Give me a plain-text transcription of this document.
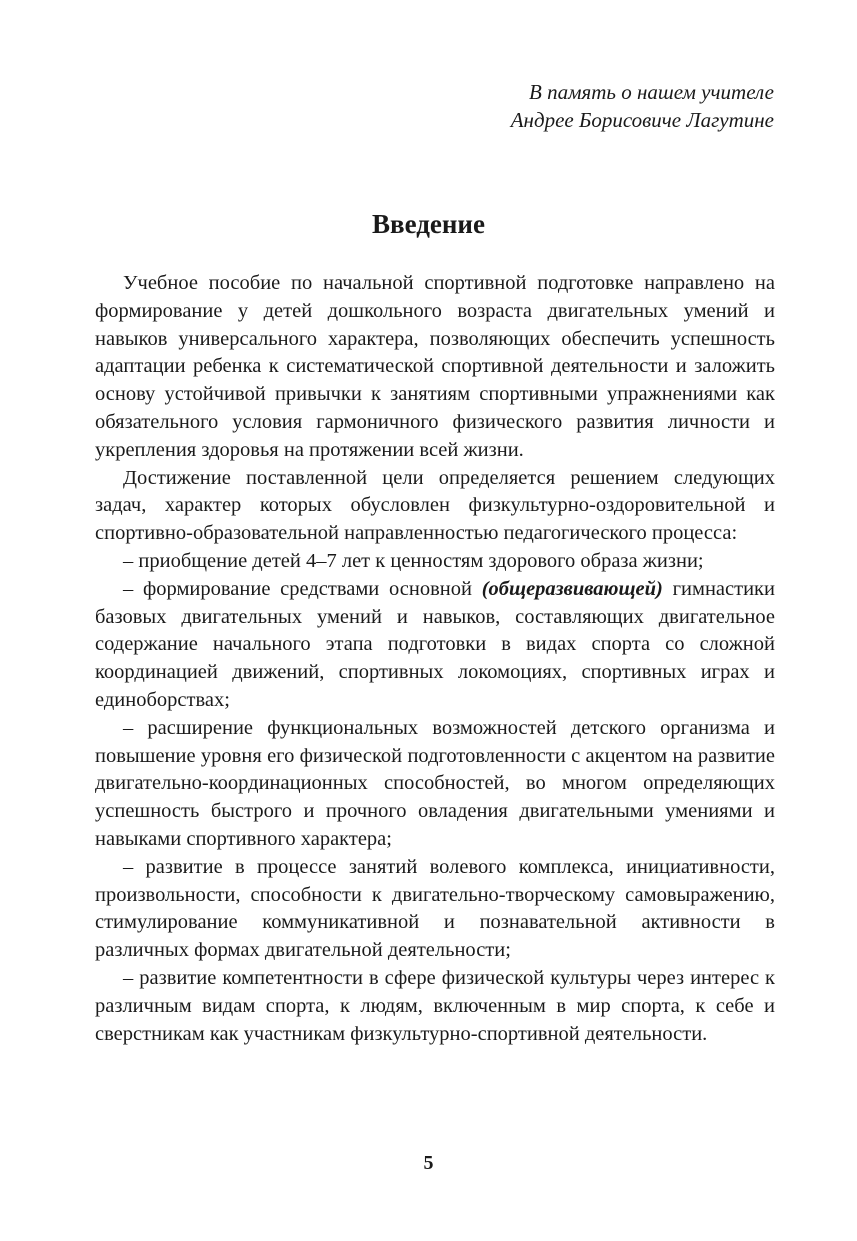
В память о нашем учителе
Андрее Борисовиче Лагутине
Введение

Учебное пособие по начальной спортивной подготовке направлено на формирование у детей дошкольного возраста двигательных умений и навыков универсального характера, позволяющих обеспечить успешность адаптации ребенка к систематической спортивной деятельности и заложить основу устойчивой привычки к занятиям спортивными упражнениями как обязательного условия гармоничного физического развития личности и укрепления здоровья на протяжении всей жизни.

Достижение поставленной цели определяется решением следующих задач, характер которых обусловлен физкультурно-оздоровительной и спортивно-образовательной направленностью педагогического процесса:

– приобщение детей 4–7 лет к ценностям здорового образа жизни;

– формирование средствами основной (общеразвивающей) гимнастики базовых двигательных умений и навыков, составляющих двигательное содержание начального этапа подготовки в видах спорта со сложной координацией движений, спортивных локомоциях, спортивных играх и единоборствах;

– расширение функциональных возможностей детского организма и повышение уровня его физической подготовленности с акцентом на развитие двигательно-координационных способностей, во многом определяющих успешность быстрого и прочного овладения двигательными умениями и навыками спортивного характера;

– развитие в процессе занятий волевого комплекса, инициативности, произвольности, способности к двигательно-творческому самовыражению, стимулирование коммуникативной и познавательной активности в различных формах двигательной деятельности;

– развитие компетентности в сфере физической культуры через интерес к различным видам спорта, к людям, включенным в мир спорта, к себе и сверстникам как участникам физкультурно-спортивной деятельности.

5
